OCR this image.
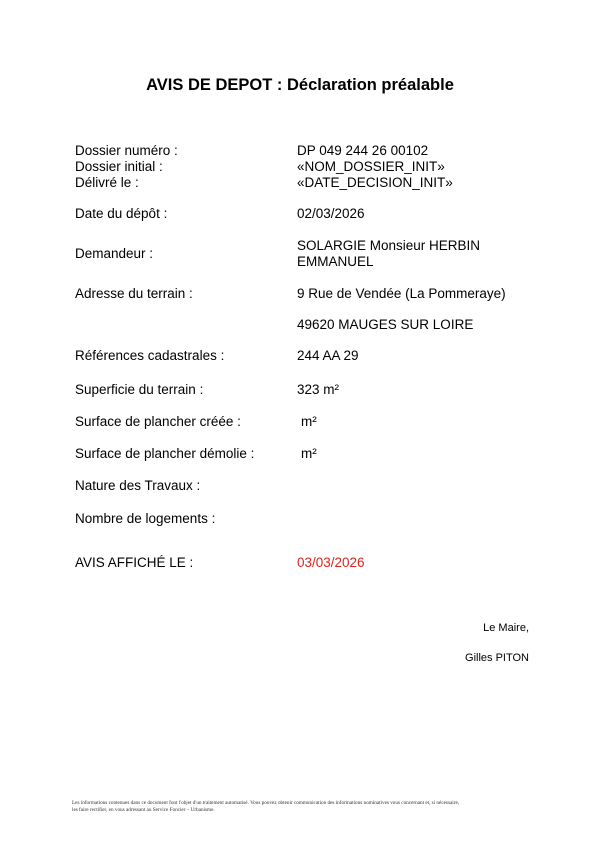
AVIS DE DEPOT : Déclaration préalable
Dossier numéro :	DP 049 244 26 00102
Dossier initial :	«NOM_DOSSIER_INIT»
Délivré le :	«DATE_DECISION_INIT»
Date du dépôt :	02/03/2026
Demandeur :
SOLARGIE Monsieur HERBIN
EMMANUEL
Adresse du terrain :	9 Rue de Vendée (La Pommeraye)
49620 MAUGES SUR LOIRE
Références cadastrales :	244 AA 29
Superficie du terrain :	323 m²
Surface de plancher créée :	m²
Surface de plancher démolie :	m²
Nature des Travaux :
Nombre de logements :
AVIS AFFICHÉ LE :	03/03/2026
Le Maire,
Gilles PITON
Les informations contenues dans ce document font l'objet d'un traitement automatisé. Vous pouvez obtenir communication des informations nominatives vous concernant et, si nécessaire,
les faire rectifier, en vous adressant au Service Foncier – Urbanisme.
